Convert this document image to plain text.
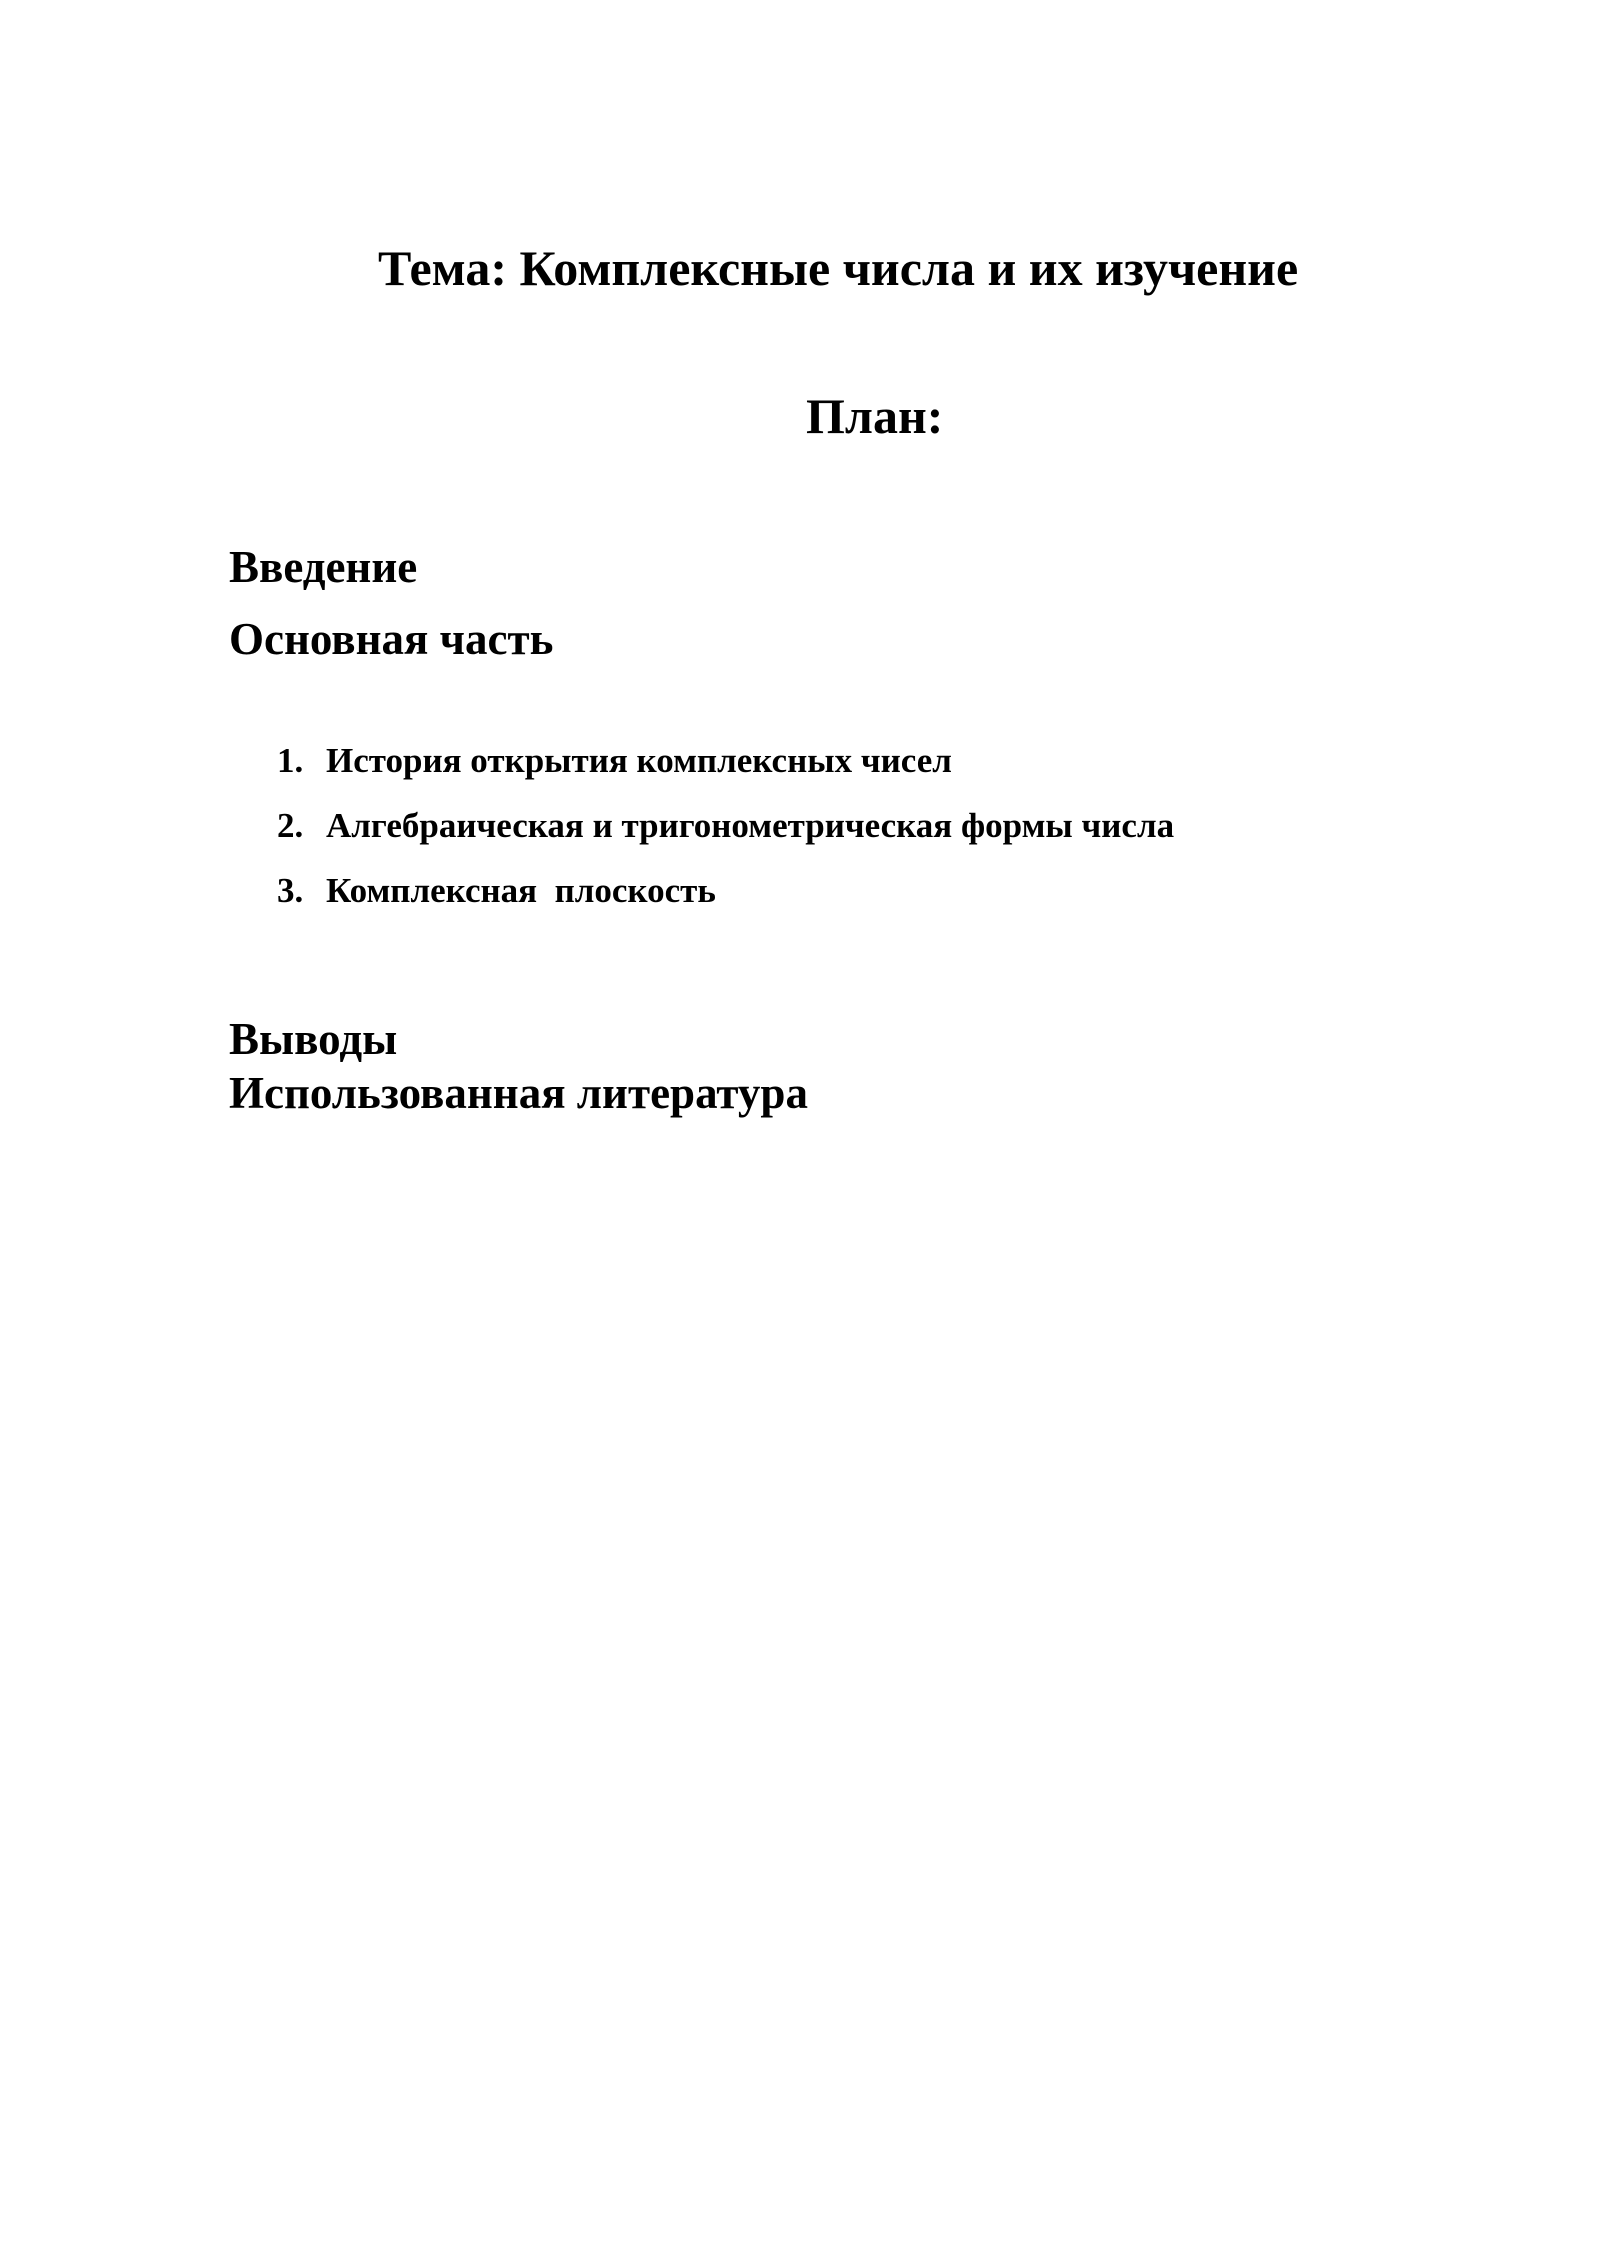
Тема: Комплексные числа и их изучение
План:
Введение
Основная часть
1. История открытия комплексных чисел
2. Алгебраическая и тригонометрическая формы числа
3. Комплексная  плоскость
Выводы
Использованная литература
